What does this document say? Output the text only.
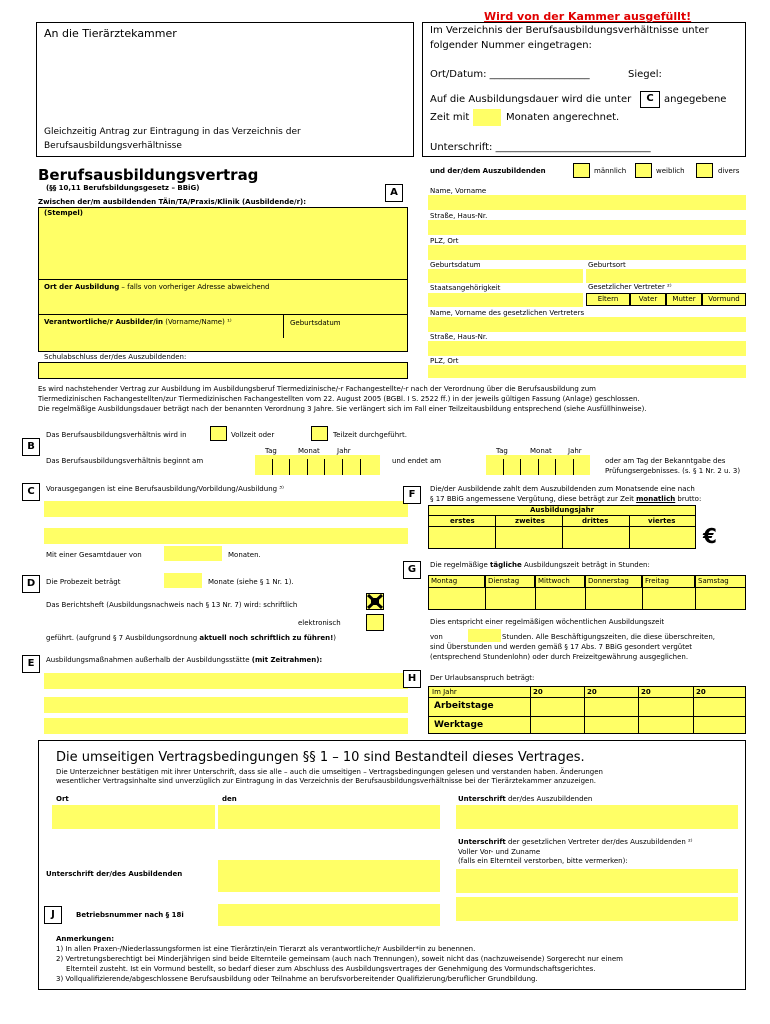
Wird von der Kammer ausgefüllt!
An die Tierärztekammer
Gleichzeitig Antrag zur Eintragung in das Verzeichnis der
Berufsausbildungsverhältnisse
Im Verzeichnis der Berufsausbildungsverhältnisse unter
folgender Nummer eingetragen:
Ort/Datum: ____________________	Siegel:
Auf die Ausbildungsdauer wird die unter	C	angegebene
Zeit mit	Monaten angerechnet.
Unterschrift: _______________________________
Berufsausbildungsvertrag
(§§ 10,11 Berufsbildungsgesetz – BBiG)	A
Zwischen der/m ausbildenden TÄin/TA/Praxis/Klinik (Ausbildende/r):
(Stempel)
Ort der Ausbildung – falls von vorheriger Adresse abweichend
Verantwortliche/r Ausbilder/in (Vorname/Name) ¹⁾	Geburtsdatum
Schulabschluss der/des Auszubildenden:
und der/dem Auszubildenden	männlich	weiblich	divers
Name, Vorname
Straße, Haus-Nr.
PLZ, Ort
Geburtsdatum	Geburtsort
Staatsangehörigkeit	Gesetzlicher Vertreter ²⁾
Eltern	Vater	Mutter	Vormund
Name, Vorname des gesetzlichen Vertreters
Straße, Haus-Nr.
PLZ, Ort
Es wird nachstehender Vertrag zur Ausbildung im Ausbildungsberuf Tiermedizinische/-r Fachangestellte/-r nach der Verordnung über die Berufsausbildung zum
Tiermedizinischen Fachangestellten/zur Tiermedizinischen Fachangestellten vom 22. August 2005 (BGBl. I S. 2522 ff.) in der jeweils gültigen Fassung (Anlage) geschlossen.
Die regelmäßige Ausbildungsdauer beträgt nach der benannten Verordnung 3 Jahre. Sie verlängert sich im Fall einer Teilzeitausbildung entsprechend (siehe Ausfüllhinweise).
B
Das Berufsausbildungsverhältnis wird in	Vollzeit oder	Teilzeit durchgeführt.
Tag	Monat Jahr
Das Berufsausbildungsverhältnis beginnt am	und endet am
Tag	Monat Jahr
oder am Tag der Bekanntgabe des
Prüfungsergebnisses. (s. § 1 Nr. 2 u. 3)
C	Vorausgegangen ist eine Berufsausbildung/Vorbildung/Ausbildung ³⁾
Mit einer Gesamtdauer von	Monaten.
D	Die Probezeit beträgt	Monate (siehe § 1 Nr. 1).
Das Berichtsheft (Ausbildungsnachweis nach § 13 Nr. 7) wird: schriftlich
elektronisch
geführt. (aufgrund § 7 Ausbildungsordnung aktuell noch schriftlich zu führen!)
E	Ausbildungsmaßnahmen außerhalb der Ausbildungsstätte (mit Zeitrahmen):
F	Die/der Ausbildende zahlt dem Auszubildenden zum Monatsende eine nach
§ 17 BBiG angemessene Vergütung, diese beträgt zur Zeit monatlich brutto:
Ausbildungsjahr
erstes	zweites	drittes	viertes
€
G	Die regelmäßige tägliche Ausbildungszeit beträgt in Stunden:
Montag	Dienstag	Mittwoch	Donnerstag	Freitag	Samstag
Dies entspricht einer regelmäßigen wöchentlichen Ausbildungszeit
von	Stunden. Alle Beschäftigungszeiten, die diese überschreiten,
sind Überstunden und werden gemäß § 17 Abs. 7 BBiG gesondert vergütet
(entsprechend Stundenlohn) oder durch Freizeitgewährung ausgeglichen.
H	Der Urlaubsanspruch beträgt:
Im Jahr	20	20	20	20
Arbeitstage
Werktage
Die umseitigen Vertragsbedingungen §§ 1 – 10 sind Bestandteil dieses Vertrages.
Die Unterzeichner bestätigen mit ihrer Unterschrift, dass sie alle – auch die umseitigen – Vertragsbedingungen gelesen und verstanden haben. Änderungen
wesentlicher Vertragsinhalte sind unverzüglich zur Eintragung in das Verzeichnis der Berufsausbildungsverhältnisse bei der Tierärztekammer anzuzeigen.
Ort	den	Unterschrift der/des Auszubildenden
Unterschrift der gesetzlichen Vertreter der/des Auszubildenden ²⁾
Voller Vor- und Zuname
(falls ein Elternteil verstorben, bitte vermerken):
Unterschrift der/des Ausbildenden
J	Betriebsnummer nach § 18i
Anmerkungen:
1) In allen Praxen-/Niederlassungsformen ist eine Tierärztin/ein Tierarzt als verantwortliche/r Ausbilder*in zu benennen.
2) Vertretungsberechtigt bei Minderjährigen sind beide Elternteile gemeinsam (auch nach Trennungen), soweit nicht das (nachzuweisende) Sorgerecht nur einem
Elternteil zusteht. Ist ein Vormund bestellt, so bedarf dieser zum Abschluss des Ausbildungsvertrages der Genehmigung des Vormundschaftsgerichtes.
3) Vollqualifizierende/abgeschlossene Berufsausbildung oder Teilnahme an berufsvorbereitender Qualifizierung/beruflicher Grundbildung.
